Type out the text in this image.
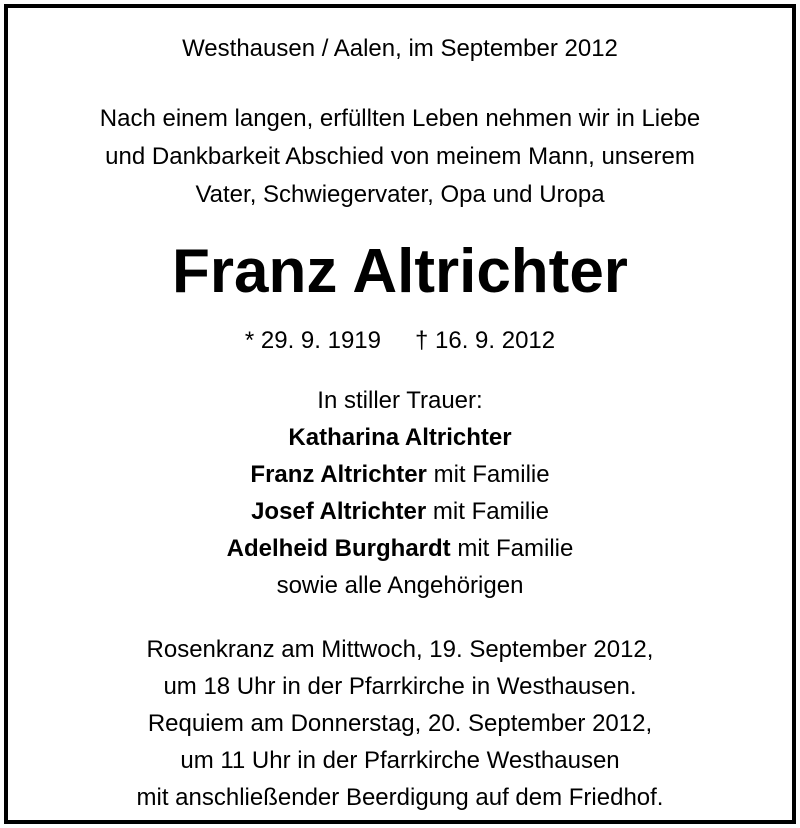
Westhausen / Aalen, im September 2012
Nach einem langen, erfüllten Leben nehmen wir in Liebe
und Dankbarkeit Abschied von meinem Mann, unserem
Vater, Schwiegervater, Opa und Uropa
Franz Altrichter
* 29. 9. 1919 † 16. 9. 2012
In stiller Trauer:
Katharina Altrichter
Franz Altrichter mit Familie
Josef Altrichter mit Familie
Adelheid Burghardt mit Familie
sowie alle Angehörigen
Rosenkranz am Mittwoch, 19. September 2012,
um 18 Uhr in der Pfarrkirche in Westhausen.
Requiem am Donnerstag, 20. September 2012,
um 11 Uhr in der Pfarrkirche Westhausen
mit anschließender Beerdigung auf dem Friedhof.
